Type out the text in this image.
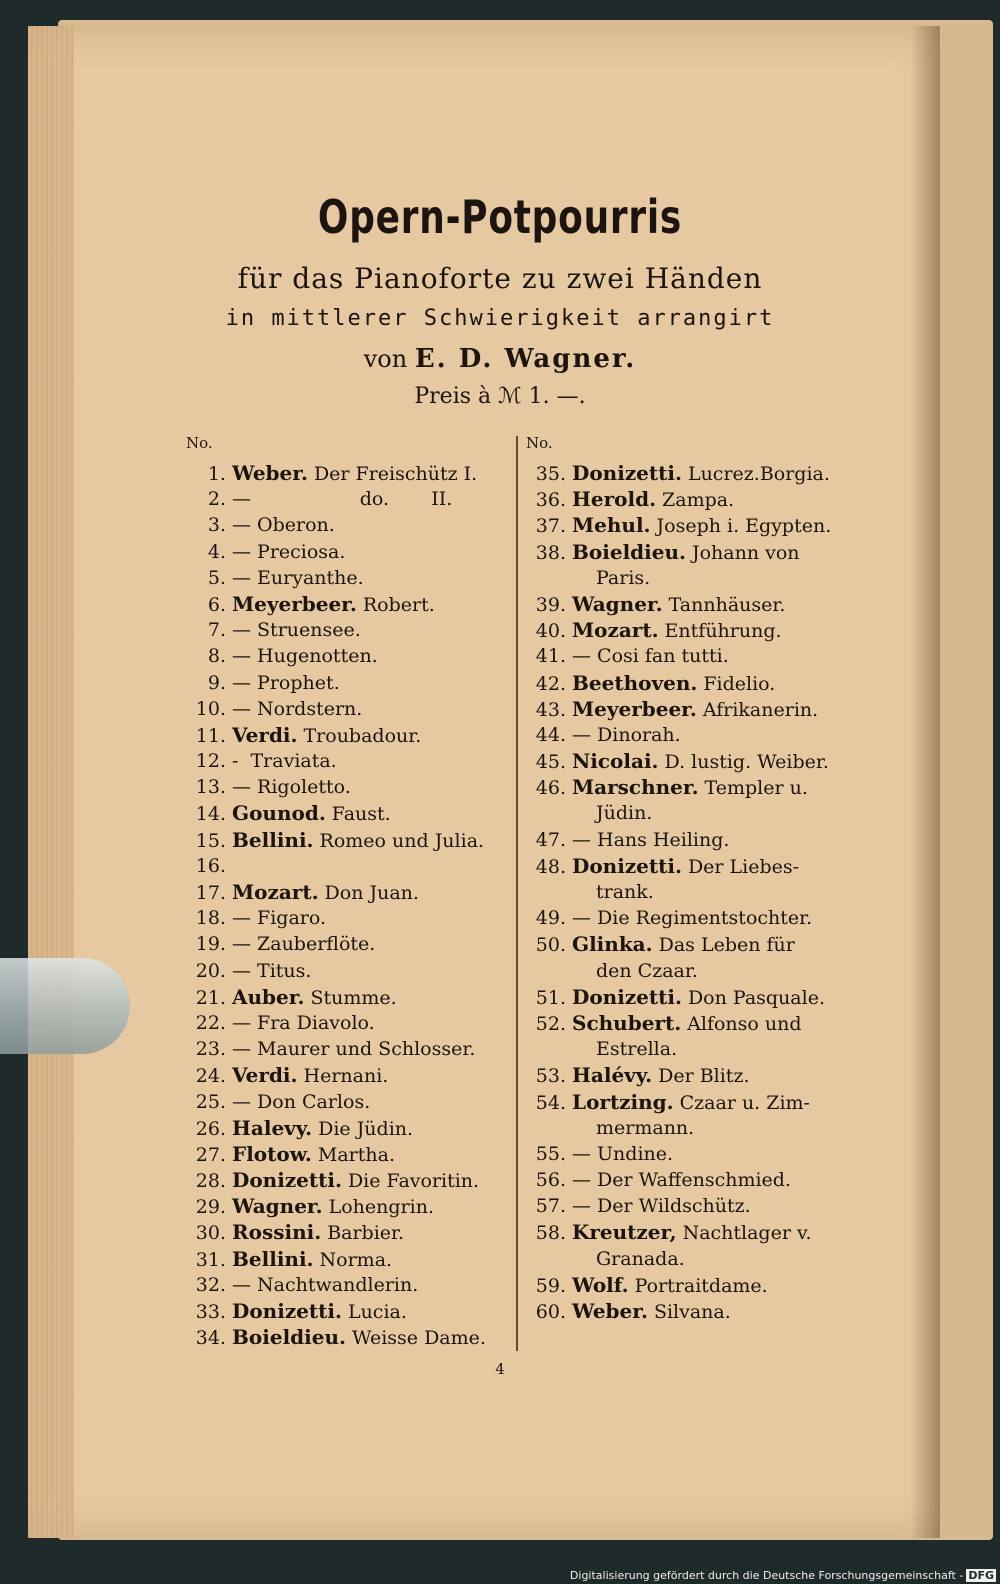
Opern-Potpourris
für das Pianoforte zu zwei Händen
in mittlerer Schwierigkeit arrangirt
von E. D. Wagner.
Preis à ℳ 1. —.
No.
1. Weber. Der Freischütz I.
2. —                  do.       II.
3. — Oberon.
4. — Preciosa.
5. — Euryanthe.
6. Meyerbeer. Robert.
7. — Struensee.
8. — Hugenotten.
9. — Prophet.
10. — Nordstern.
11. Verdi. Troubadour.
12. -  Traviata.
13. — Rigoletto.
14. Gounod. Faust.
15. Bellini. Romeo und Julia.
16.
17. Mozart. Don Juan.
18. — Figaro.
19. — Zauberflöte.
20. — Titus.
21. Auber. Stumme.
22. — Fra Diavolo.
23. — Maurer und Schlosser.
24. Verdi. Hernani.
25. — Don Carlos.
26. Halevy. Die Jüdin.
27. Flotow. Martha.
28. Donizetti. Die Favoritin.
29. Wagner. Lohengrin.
30. Rossini. Barbier.
31. Bellini. Norma.
32. — Nachtwandlerin.
33. Donizetti. Lucia.
34. Boieldieu. Weisse Dame.
No.
35. Donizetti. Lucrez.Borgia.
36. Herold. Zampa.
37. Mehul. Joseph i. Egypten.
38. Boieldieu. Johann von
Paris.
39. Wagner. Tannhäuser.
40. Mozart. Entführung.
41. — Cosi fan tutti.
42. Beethoven. Fidelio.
43. Meyerbeer. Afrikanerin.
44. — Dinorah.
45. Nicolai. D. lustig. Weiber.
46. Marschner. Templer u.
Jüdin.
47. — Hans Heiling.
48. Donizetti. Der Liebes-
trank.
49. — Die Regimentstochter.
50. Glinka. Das Leben für
den Czaar.
51. Donizetti. Don Pasquale.
52. Schubert. Alfonso und
Estrella.
53. Halévy. Der Blitz.
54. Lortzing. Czaar u. Zim-
mermann.
55. — Undine.
56. — Der Waffenschmied.
57. — Der Wildschütz.
58. Kreutzer, Nachtlager v.
Granada.
59. Wolf. Portraitdame.
60. Weber. Silvana.
4
Digitalisierung gefördert durch die Deutsche Forschungsgemeinschaft - DFG
